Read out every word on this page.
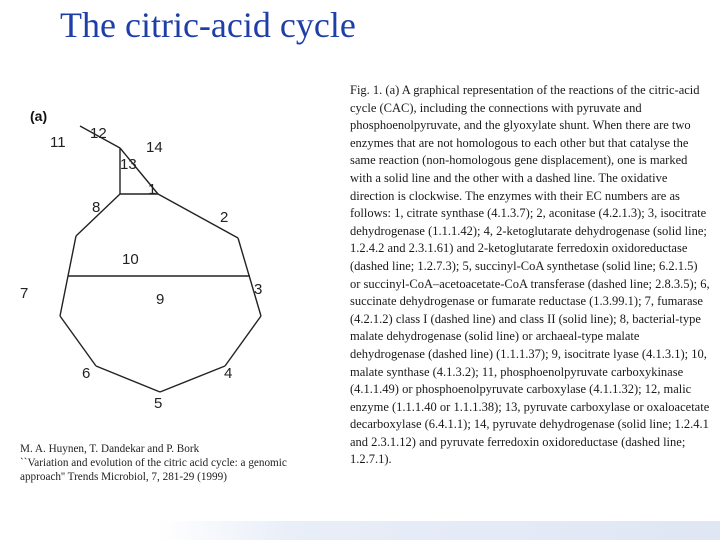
The citric-acid cycle
(a)
1
2
3
4
5
6
7
8
9
10
11
12
13
14
M. A. Huynen, T. Dandekar and P. Bork
``Variation and evolution of the citric acid cycle: a genomic approach'' Trends Microbiol, 7, 281-29 (1999)
Fig. 1. (a) A graphical representation of the reactions of the citric-acid cycle (CAC), including the connections with pyruvate and phosphoenolpyruvate, and the glyoxylate shunt. When there are two enzymes that are not homologous to each other but that catalyse the same reaction (non-homologous gene displacement), one is marked with a solid line and the other with a dashed line. The oxidative direction is clockwise. The enzymes with their EC numbers are as follows: 1, citrate synthase (4.1.3.7); 2, aconitase (4.2.1.3); 3, isocitrate dehydrogenase (1.1.1.42); 4, 2-ketoglutarate dehydrogenase (solid line; 1.2.4.2 and 2.3.1.61) and 2-ketoglutarate ferredoxin oxidoreductase (dashed line; 1.2.7.3); 5, succinyl-CoA synthetase (solid line; 6.2.1.5) or succinyl-CoA–acetoacetate-CoA transferase (dashed line; 2.8.3.5); 6, succinate dehydrogenase or fumarate reductase (1.3.99.1); 7, fumarase (4.2.1.2) class I (dashed line) and class II (solid line); 8, bacterial-type malate dehydrogenase (solid line) or archaeal-type malate dehydrogenase (dashed line) (1.1.1.37); 9, isocitrate lyase (4.1.3.1); 10, malate synthase (4.1.3.2); 11, phosphoenolpyruvate carboxykinase (4.1.1.49) or phosphoenolpyruvate carboxylase (4.1.1.32); 12, malic enzyme (1.1.1.40 or 1.1.1.38); 13, pyruvate carboxylase or oxaloacetate decarboxylase (6.4.1.1); 14, pyruvate dehydrogenase (solid line; 1.2.4.1 and 2.3.1.12) and pyruvate ferredoxin oxidoreductase (dashed line; 1.2.7.1).
